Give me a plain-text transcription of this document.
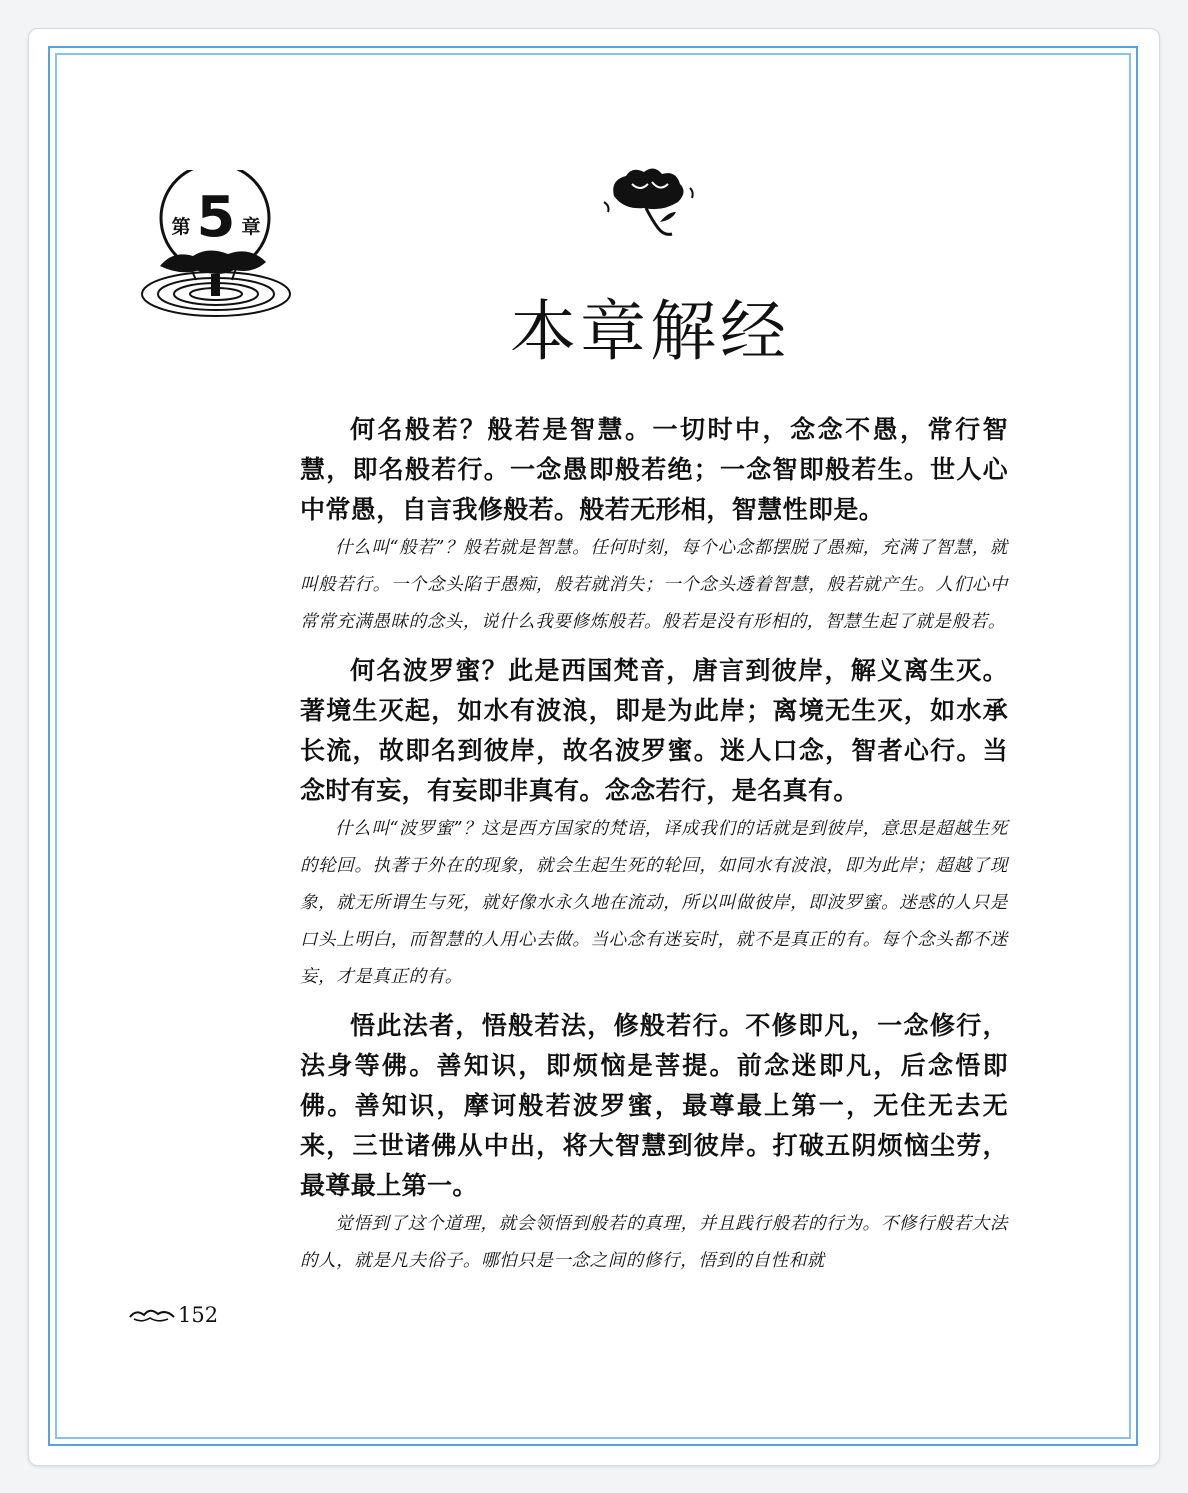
第 5 章
本章解经

何名般若？般若是智慧。一切时中，念念不愚，常行智慧，即名般若行。一念愚即般若绝；一念智即般若生。世人心中常愚，自言我修般若。般若无形相，智慧性即是。

什么叫“般若”？般若就是智慧。任何时刻，每个心念都摆脱了愚痴，充满了智慧，就叫般若行。一个念头陷于愚痴，般若就消失；一个念头透着智慧，般若就产生。人们心中常常充满愚昧的念头，说什么我要修炼般若。般若是没有形相的，智慧生起了就是般若。

何名波罗蜜？此是西国梵音，唐言到彼岸，解义离生灭。著境生灭起，如水有波浪，即是为此岸；离境无生灭，如水承长流，故即名到彼岸，故名波罗蜜。迷人口念，智者心行。当念时有妄，有妄即非真有。念念若行，是名真有。

什么叫“波罗蜜”？这是西方国家的梵语，译成我们的话就是到彼岸，意思是超越生死的轮回。执著于外在的现象，就会生起生死的轮回，如同水有波浪，即为此岸；超越了现象，就无所谓生与死，就好像水永久地在流动，所以叫做彼岸，即波罗蜜。迷惑的人只是口头上明白，而智慧的人用心去做。当心念有迷妄时，就不是真正的有。每个念头都不迷妄，才是真正的有。

悟此法者，悟般若法，修般若行。不修即凡，一念修行，法身等佛。善知识，即烦恼是菩提。前念迷即凡，后念悟即佛。善知识，摩诃般若波罗蜜，最尊最上第一，无住无去无来，三世诸佛从中出，将大智慧到彼岸。打破五阴烦恼尘劳，最尊最上第一。

觉悟到了这个道理，就会领悟到般若的真理，并且践行般若的行为。不修行般若大法的人，就是凡夫俗子。哪怕只是一念之间的修行，悟到的自性和就

152
